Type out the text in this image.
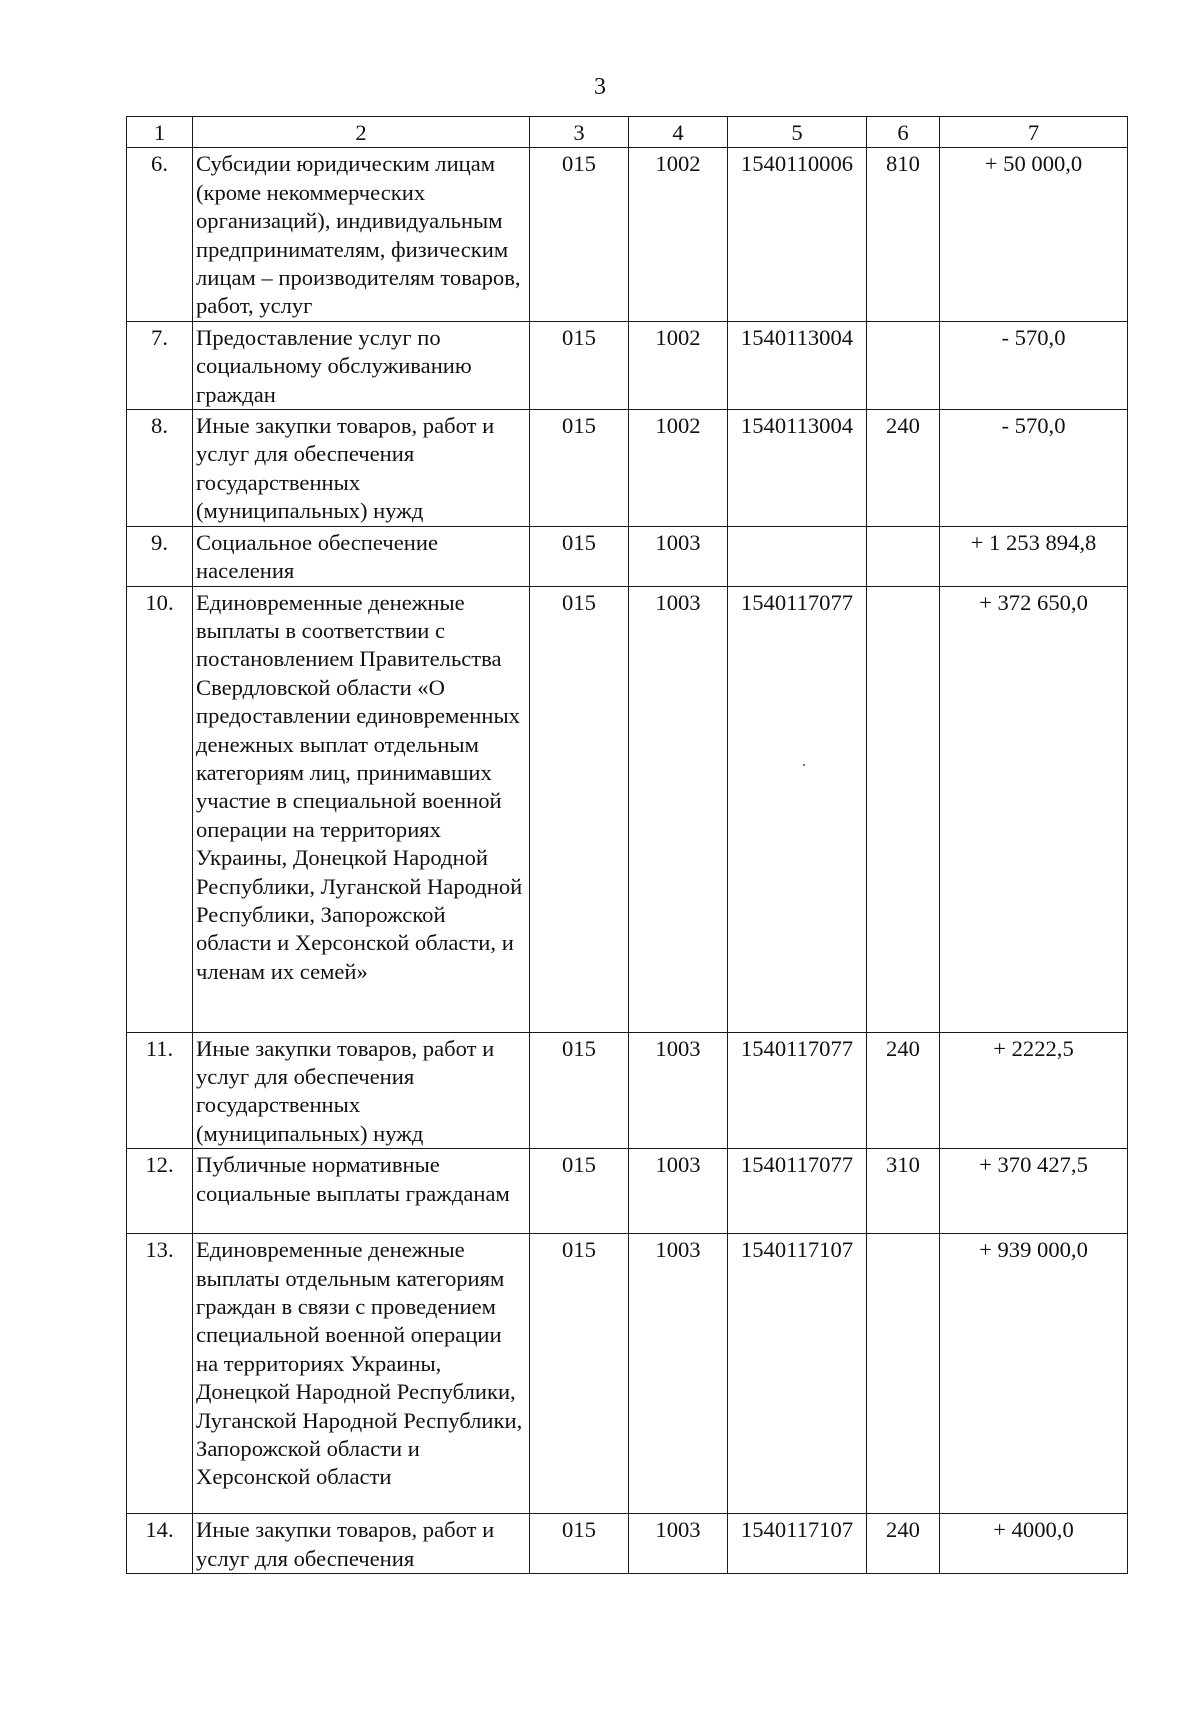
3
1	2	3	4	5	6	7
6.	Субсидии юридическим лицам (кроме некоммерческих организаций), индивидуальным предпринимателям, физическим лицам – производителям товаров, работ, услуг	015	1002	1540110006	810	+ 50 000,0
7.	Предоставление услуг по социальному обслуживанию граждан	015	1002	1540113004		- 570,0
8.	Иные закупки товаров, работ и услуг для обеспечения государственных (муниципальных) нужд	015	1002	1540113004	240	- 570,0
9.	Социальное обеспечение населения	015	1003			+ 1 253 894,8
10.	Единовременные денежные выплаты в соответствии с постановлением Правительства Свердловской области «О предоставлении единовременных денежных выплат отдельным категориям лиц, принимавших участие в специальной военной операции на территориях Украины, Донецкой Народной Республики, Луганской Народной Республики, Запорожской области и Херсонской области, и членам их семей»	015	1003	1540117077		+ 372 650,0
11.	Иные закупки товаров, работ и услуг для обеспечения государственных (муниципальных) нужд	015	1003	1540117077	240	+ 2222,5
12.	Публичные нормативные социальные выплаты гражданам	015	1003	1540117077	310	+ 370 427,5
13.	Единовременные денежные выплаты отдельным категориям граждан в связи с проведением специальной военной операции на территориях Украины, Донецкой Народной Республики, Луганской Народной Республики, Запорожской области и Херсонской области	015	1003	1540117107		+ 939 000,0
14.	Иные закупки товаров, работ и услуг для обеспечения	015	1003	1540117107	240	+ 4000,0
